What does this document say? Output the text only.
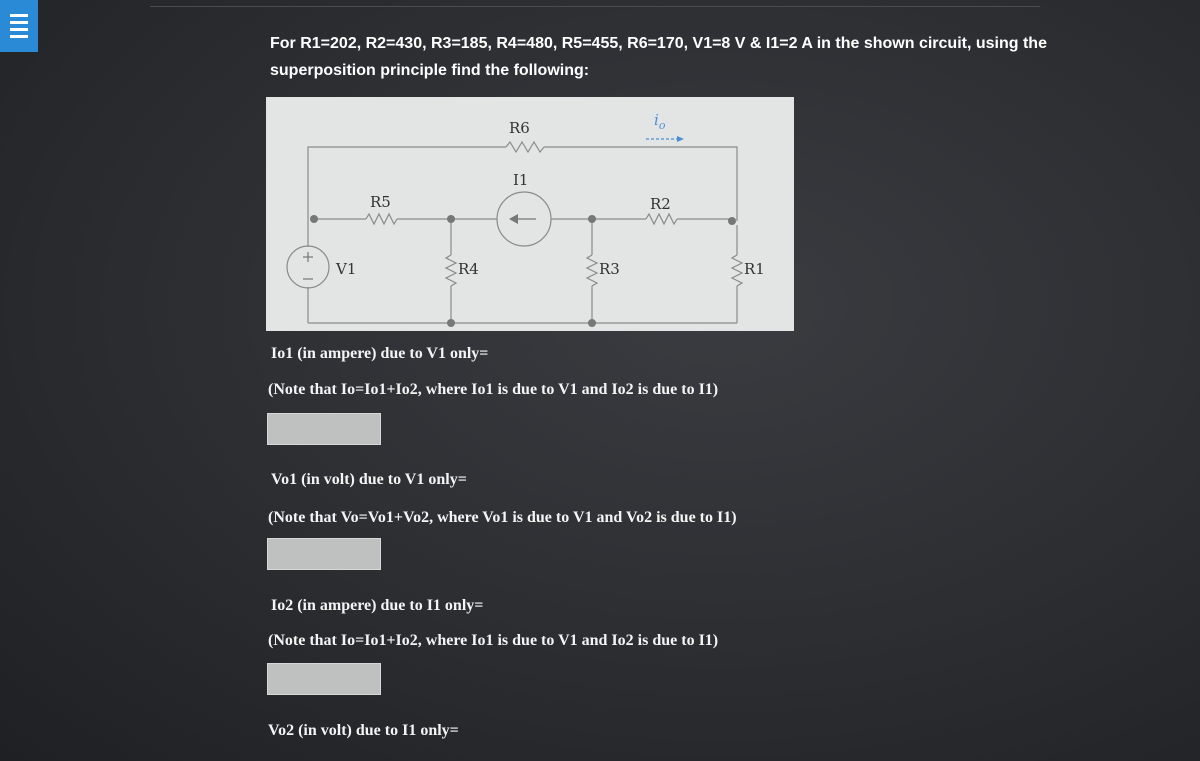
For R1=202, R2=430, R3=185, R4=480, R5=455, R6=170, V1=8 V & I1=2 A in the shown circuit, using the superposition principle find the following:
R6
I1
R5	R2
V1	R4	R3	R1
$i_o$
Io1 (in ampere) due to V1 only=
(Note that Io=Io1+Io2, where Io1 is due to V1 and Io2 is due to I1)
Vo1 (in volt) due to V1 only=
(Note that Vo=Vo1+Vo2, where Vo1 is due to V1 and Vo2 is due to I1)
Io2 (in ampere) due to I1 only=
(Note that Io=Io1+Io2, where Io1 is due to V1 and Io2 is due to I1)
Vo2 (in volt) due to I1 only=
